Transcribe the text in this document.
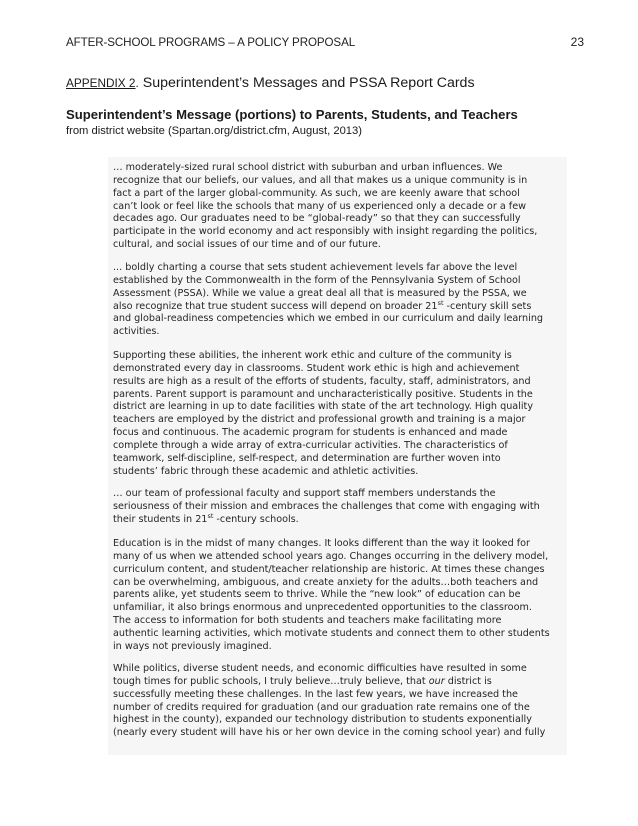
AFTER-SCHOOL PROGRAMS – A POLICY PROPOSAL	23
APPENDIX 2. Superintendent’s Messages and PSSA Report Cards
Superintendent’s Message (portions) to Parents, Students, and Teachers
from district website (Spartan.org/district.cfm, August, 2013)
… moderately-sized rural school district with suburban and urban influences. We
recognize that our beliefs, our values, and all that makes us a unique community is in
fact a part of the larger global-community. As such, we are keenly aware that school
can’t look or feel like the schools that many of us experienced only a decade or a few
decades ago. Our graduates need to be “global-ready” so that they can successfully
participate in the world economy and act responsibly with insight regarding the politics,
cultural, and social issues of our time and of our future.
... boldly charting a course that sets student achievement levels far above the level
established by the Commonwealth in the form of the Pennsylvania System of School
Assessment (PSSA). While we value a great deal all that is measured by the PSSA, we
also recognize that true student success will depend on broader 21st -century skill sets
and global-readiness competencies which we embed in our curriculum and daily learning
activities.
Supporting these abilities, the inherent work ethic and culture of the community is
demonstrated every day in classrooms. Student work ethic is high and achievement
results are high as a result of the efforts of students, faculty, staff, administrators, and
parents. Parent support is paramount and uncharacteristically positive. Students in the
district are learning in up to date facilities with state of the art technology. High quality
teachers are employed by the district and professional growth and training is a major
focus and continuous. The academic program for students is enhanced and made
complete through a wide array of extra-curricular activities. The characteristics of
teamwork, self-discipline, self-respect, and determination are further woven into
students’ fabric through these academic and athletic activities.
… our team of professional faculty and support staff members understands the
seriousness of their mission and embraces the challenges that come with engaging with
their students in 21st -century schools.
Education is in the midst of many changes. It looks different than the way it looked for
many of us when we attended school years ago. Changes occurring in the delivery model,
curriculum content, and student/teacher relationship are historic. At times these changes
can be overwhelming, ambiguous, and create anxiety for the adults…both teachers and
parents alike, yet students seem to thrive. While the “new look” of education can be
unfamiliar, it also brings enormous and unprecedented opportunities to the classroom.
The access to information for both students and teachers make facilitating more
authentic learning activities, which motivate students and connect them to other students
in ways not previously imagined.
While politics, diverse student needs, and economic difficulties have resulted in some
tough times for public schools, I truly believe…truly believe, that our district is
successfully meeting these challenges. In the last few years, we have increased the
number of credits required for graduation (and our graduation rate remains one of the
highest in the county), expanded our technology distribution to students exponentially
(nearly every student will have his or her own device in the coming school year) and fully
